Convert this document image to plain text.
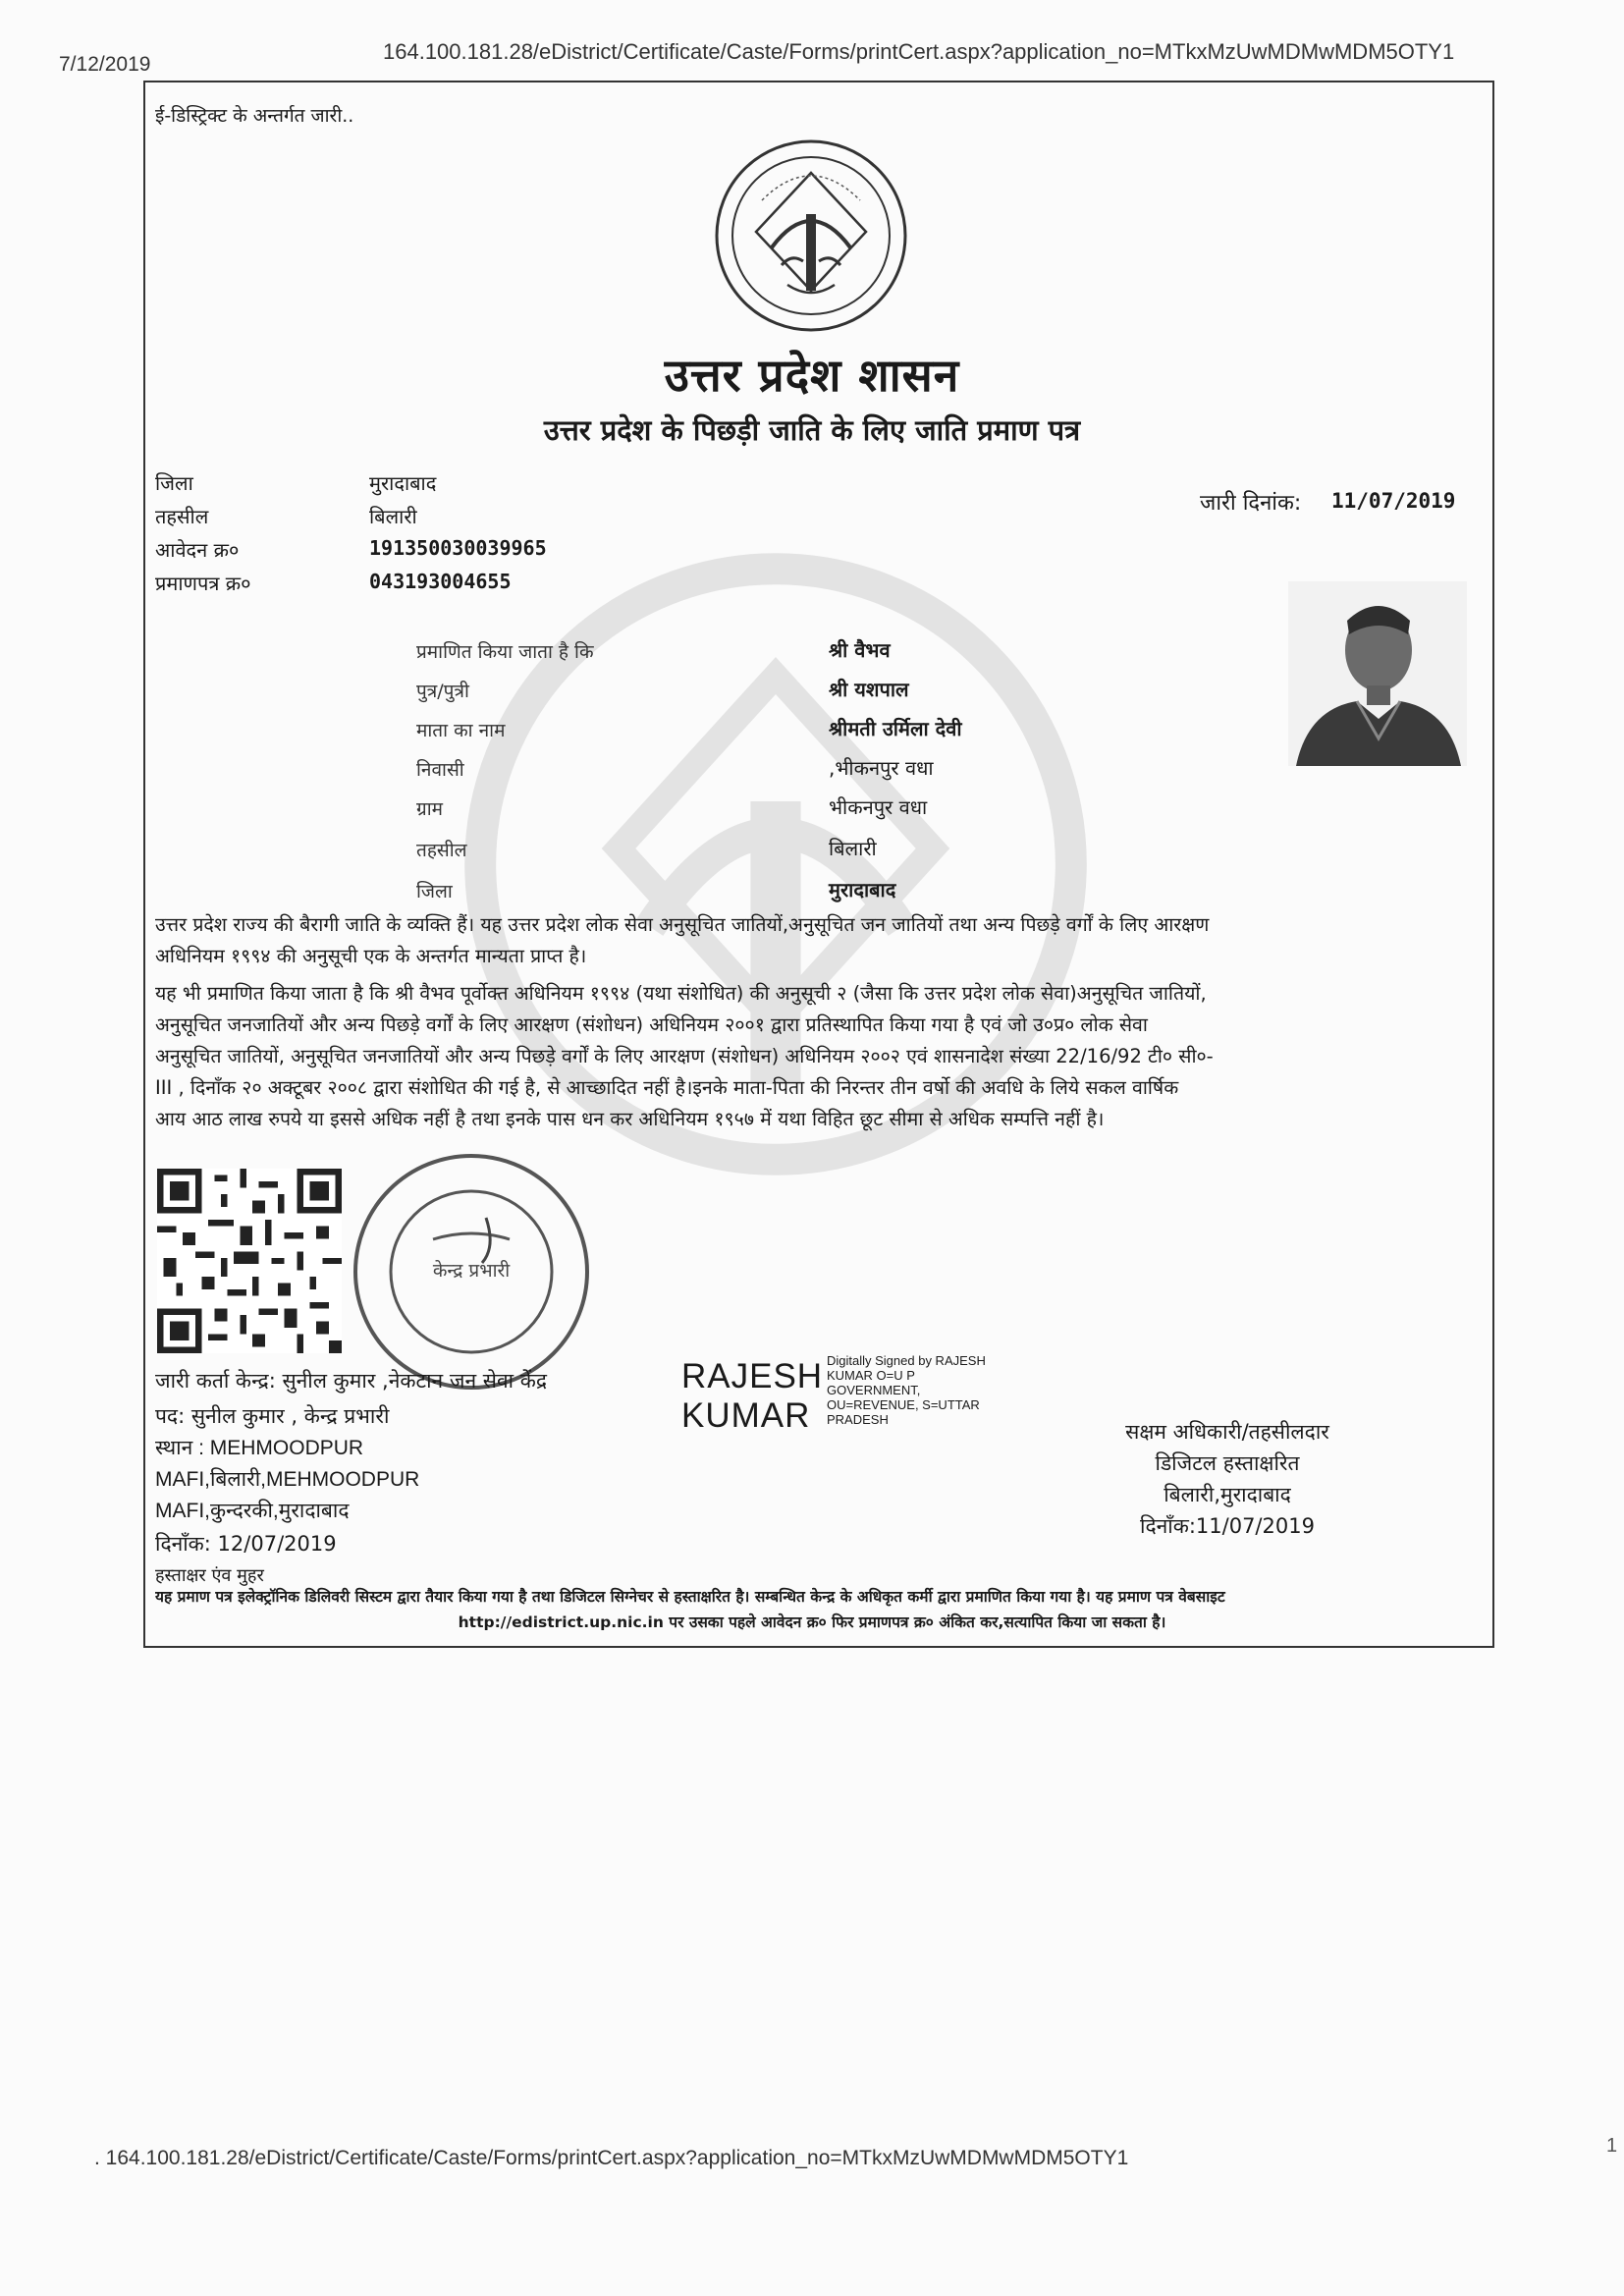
7/12/2019
164.100.181.28/eDistrict/Certificate/Caste/Forms/printCert.aspx?application_no=MTkxMzUwMDMwMDM5OTY1
ई-डिस्ट्रिक्ट के अन्तर्गत जारी..
उत्तर प्रदेश शासन
उत्तर प्रदेश के पिछड़ी जाति के लिए जाति प्रमाण पत्र
जिला	मुरादाबाद
तहसील	बिलारी
आवेदन क्र०	191350030039965
प्रमाणपत्र क्र०	043193004655
जारी दिनांक: 11/07/2019
प्रमाणित किया जाता है कि	श्री वैभव
पुत्र/पुत्री	श्री यशपाल
माता का नाम	श्रीमती उर्मिला देवी
निवासी	,भीकनपुर वधा
ग्राम	भीकनपुर वधा
तहसील	बिलारी
जिला	मुरादाबाद

उत्तर प्रदेश राज्य की बैरागी जाति के व्यक्ति हैं। यह उत्तर प्रदेश लोक सेवा अनुसूचित जातियों,अनुसूचित जन जातियों तथा अन्य पिछड़े वर्गों के लिए आरक्षण
अधिनियम १९९४ की अनुसूची एक के अन्तर्गत मान्यता प्राप्त है।

यह भी प्रमाणित किया जाता है कि श्री वैभव पूर्वोक्त अधिनियम १९९४ (यथा संशोधित) की अनुसूची २ (जैसा कि उत्तर प्रदेश लोक सेवा)अनुसूचित जातियों,
अनुसूचित जनजातियों और अन्य पिछड़े वर्गों के लिए आरक्षण (संशोधन) अधिनियम २००१ द्वारा प्रतिस्थापित किया गया है एवं जो उ०प्र० लोक सेवा
अनुसूचित जातियों, अनुसूचित जनजातियों और अन्य पिछड़े वर्गों के लिए आरक्षण (संशोधन) अधिनियम २००२ एवं शासनादेश संख्या 22/16/92 टी० सी०-
III , दिनाँक २० अक्टूबर २००८ द्वारा संशोधित की गई है, से आच्छादित नहीं है।इनके माता-पिता की निरन्तर तीन वर्षो की अवधि के लिये सकल वार्षिक
आय आठ लाख रुपये या इससे अधिक नहीं है तथा इनके पास धन कर अधिनियम १९५७ में यथा विहित छूट सीमा से अधिक सम्पत्ति नहीं है।

केन्द्र प्रभारी
जारी कर्ता केन्द्र: सुनील कुमार ,नेकटान जन सेवा केंद्र
पद: सुनील कुमार , केन्द्र प्रभारी
स्थान : MEHMOODPUR
MAFI,बिलारी,MEHMOODPUR
MAFI,कुन्दरकी,मुरादाबाद
दिनाँक: 12/07/2019
हस्ताक्षर एंव मुहर
RAJESH
KUMAR
Digitally Signed by RAJESH
KUMAR O=U P
GOVERNMENT,
OU=REVENUE, S=UTTAR
PRADESH
सक्षम अधिकारी/तहसीलदार
डिजिटल हस्ताक्षरित
बिलारी,मुरादाबाद
दिनाँक:11/07/2019
यह प्रमाण पत्र इलेक्ट्रॉनिक डिलिवरी सिस्टम द्वारा तैयार किया गया है तथा डिजिटल सिग्नेचर से हस्ताक्षरित है। सम्बन्धित केन्द्र के अधिकृत कर्मी द्वारा प्रमाणित किया गया है। यह प्रमाण पत्र वेबसाइट
http://edistrict.up.nic.in पर उसका पहले आवेदन क्र० फिर प्रमाणपत्र क्र० अंकित कर,सत्यापित किया जा सकता है।
. 164.100.181.28/eDistrict/Certificate/Caste/Forms/printCert.aspx?application_no=MTkxMzUwMDMwMDM5OTY1
1
